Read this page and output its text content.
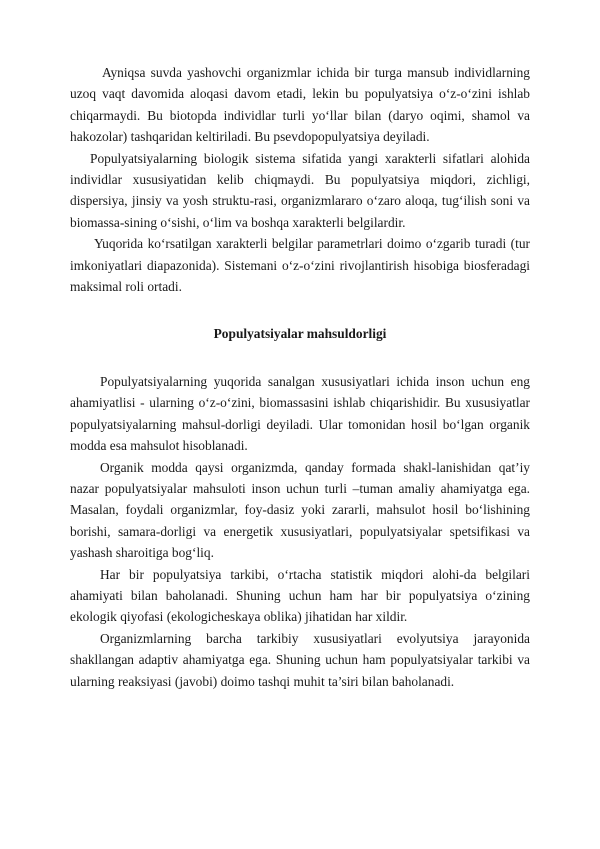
Ayniqsa suvda yashovchi organizmlar ichida bir turga mansub individlarning uzoq vaqt davomida aloqasi davom etadi, lekin bu populyatsiya o‘z-o‘zini ishlab chiqarmaydi. Bu biotopda individlar turli yo‘llar bilan (daryo oqimi, shamol va hakozolar) tashqaridan keltiriladi. Bu psevdopopulyatsiya deyiladi.

Populyatsiyalarning biologik sistema sifatida yangi xarakterli sifatlari alohida individlar xususiyatidan kelib chiqmaydi. Bu populyatsiya miqdori, zichligi, dispersiya, jinsiy va yosh struktu-rasi, organizmlararo o‘zaro aloqa, tug‘ilish soni va biomassa-sining o‘sishi, o‘lim va boshqa xarakterli belgilardir.

Yuqorida ko‘rsatilgan xarakterli belgilar parametrlari doimo o‘zgarib turadi (tur imkoniyatlari diapazonida). Sistemani o‘z-o‘zini rivojlantirish hisobiga biosferadagi maksimal roli ortadi.

Populyatsiyalar mahsuldorligi

Populyatsiyalarning yuqorida sanalgan xususiyatlari ichida inson uchun eng ahamiyatlisi - ularning o‘z-o‘zini, biomassasini ishlab chiqarishidir. Bu xususiyatlar populyatsiyalarning mahsul-dorligi deyiladi. Ular tomonidan hosil bo‘lgan organik modda esa mahsulot hisoblanadi.

Organik modda qaysi organizmda, qanday formada shakl-lanishidan qat’iy nazar populyatsiyalar mahsuloti inson uchun turli –tuman amaliy ahamiyatga ega. Masalan, foydali organizmlar, foy-dasiz yoki zararli, mahsulot hosil bo‘lishining borishi, samara-dorligi va energetik xususiyatlari, populyatsiyalar spetsifikasi va yashash sharoitiga bog‘liq.

Har bir populyatsiya tarkibi, o‘rtacha statistik miqdori alohi-da belgilari ahamiyati bilan baholanadi. Shuning uchun ham har bir populyatsiya o‘zining ekologik qiyofasi (ekologicheskaya oblika) jihatidan har xildir.

Organizmlarning barcha tarkibiy xususiyatlari evolyutsiya jarayonida shakllangan adaptiv ahamiyatga ega. Shuning uchun ham populyatsiyalar tarkibi va ularning reaksiyasi (javobi) doimo tashqi muhit ta’siri bilan baholanadi.
